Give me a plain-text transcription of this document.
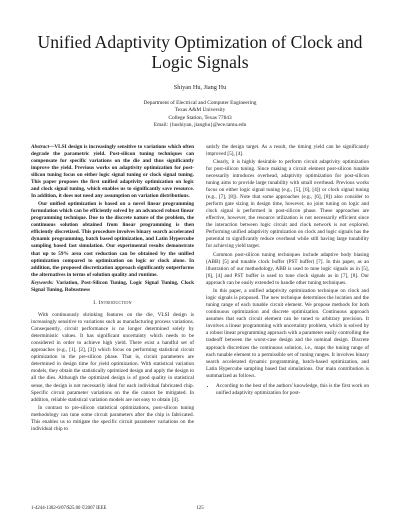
Unified Adaptivity Optimization of Clock and
Logic Signals
Shiyan Hu, Jiang Hu
Department of Electrical and Computer Engineering
Texas A&M University
College Station, Texas 77843
Email: {hushiyan, jianghu}@ece.tamu.edu

Abstract—VLSI design is increasingly sensitive to variations which often degrade the parametric yield. Post-silicon tuning techniques can compensate for specific variations on the die and thus significantly improve the yield. Previous works on adaptivity optimization for post-silicon tuning focus on either logic signal tuning or clock signal tuning. This paper proposes the first unified adaptivity optimization on logic and clock signal tuning, which enables us to significantly save resource. In addition, it does not need any assumption on variation distributions.

Our unified optimization is based on a novel linear programming formulation which can be efficiently solved by an advanced robust linear programming technique. Due to the discrete nature of the problem, the continuous solution obtained from linear programming is then efficiently discretized. This procedure involves binary search accelerated dynamic programming, batch based optimization, and Latin Hypercube sampling based fast simulation. Our experimental results demonstrate that up to 59% area cost reduction can be obtained by the unified optimization compared to optimization on logic or clock alone. In addition, the proposed discretization approach significantly outperforms the alternatives in terms of solution quality and runtime.

Keywords: Variation, Post-Silicon Tuning, Logic Signal Tuning, Clock Signal Tuning, Robustness

I. Introduction

With continuously shrinking features on the die, VLSI design is increasingly sensitive to variations such as manufacturing process variations. Consequently, circuit performance is no longer determined solely by deterministic values. It has significant uncertainty which needs to be considered in order to achieve high yield. There exist a handful set of approaches (e.g., [1], [2], [3]) which focus on performing statistical circuit optimization in the pre-silicon phase. That is, circuit parameters are determined in design time for yield optimization. With statistical variation models, they obtain the statistically optimized design and apply the design to all the dies. Although the optimized design is of good quality in statistical sense, the design is not necessarily ideal for each individual fabricated chip. Specific circuit parameter variations on the die cannot be mitigated. In addition, reliable statistical variation models are not easy to obtain [4].

In contrast to pre-silicon statistical optimizations, post-silicon tuning methodology can tune some circuit parameters after the chip is fabricated. This enables us to mitigate the specific circuit parameter variations on the individual chip to

satisfy the design target. As a result, the timing yield can be significantly improved [5], [4].

Clearly, it is highly desirable to perform circuit adaptivity optimization for post-silicon tuning. Since making a circuit element post-silicon tunable necessarily introduces overhead, adaptivity optimization for post-silicon tuning aims to provide large tunability with small overhead. Previous works focus on either logic signal tuning (e.g., [5], [6], [4]) or clock signal tuning (e.g., [7], [8]). Note that some approaches (e.g., [6], [8]) also consider to perform gate sizing in design time, however, no joint tuning on logic and clock signal is performed in post-silicon phase. These approaches are effective, however, the resource utilization is not necessarily efficient since the interaction between logic circuit and clock network is not explored. Performing unified adaptivity optimization on clock and logic signals has the potential to significantly reduce overhead while still having large tunability for achieving yield target.

Common post-silicon tuning techniques include adaptive body biasing (ABB) [5] and tunable clock buffer (PST buffer) [7]. In this paper, as an illustration of our methodology, ABB is used to tune logic signals as in [5], [6], [4] and PST buffer is used to tune clock signals as in [7], [8]. Our approach can be easily extended to handle other tuning techniques.

In this paper, a unified adaptivity optimization technique on clock and logic signals is proposed. The new technique determines the location and the tuning range of each tunable circuit element. We propose methods for both continuous optimization and discrete optimization. Continuous approach assumes that each circuit element can be tuned to arbitrary precision. It involves a linear programming with uncertainty problem, which is solved by a robust linear programming approach with a parameter easily controlling the tradeoff between the worst-case design and the nominal design. Discrete approach discretizes the continuous solution, i.e., maps the tuning range of each tunable element to a permissible set of tuning ranges. It involves binary search accelerated dynamic programming, batch-based optimization, and Latin Hypercube sampling based fast simulations. Our main contribution is summarized as follows.

• According to the best of the authors' knowledge, this is the first work on unified adaptivity optimization for post-
1-4244-1382-6/07/$25.00 ©2007 IEEE	125
